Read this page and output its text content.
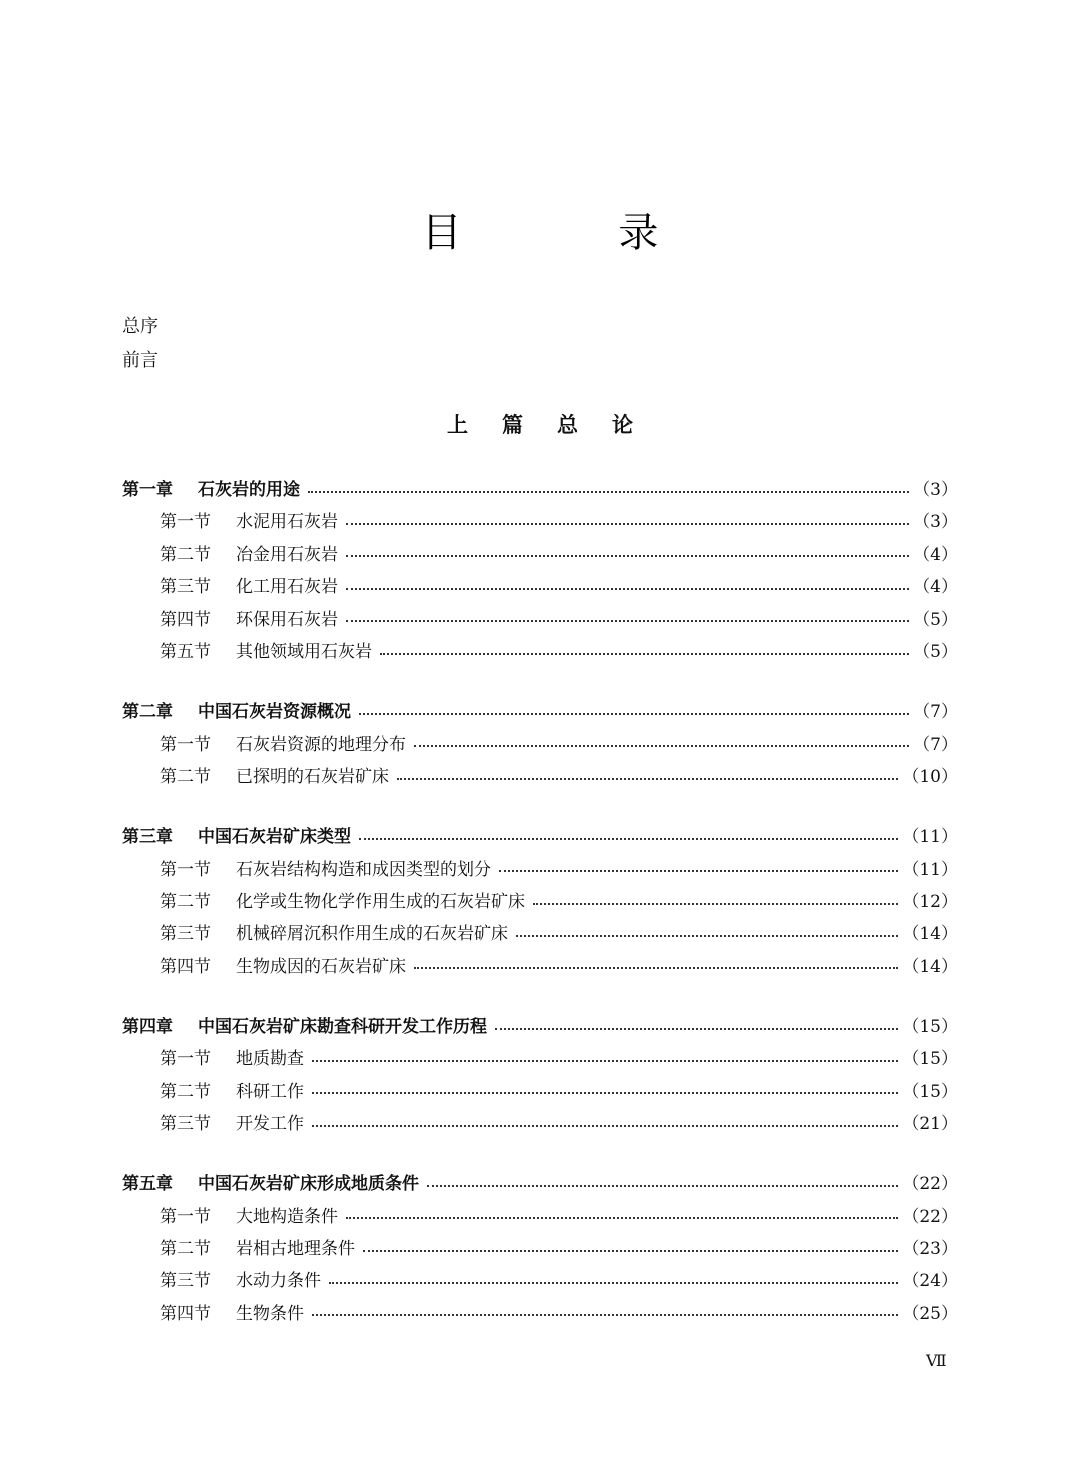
目 录
总序
前言
上篇总论
第一章	石灰岩的用途	（3）
第一节	水泥用石灰岩	（3）
第二节	冶金用石灰岩	（4）
第三节	化工用石灰岩	（4）
第四节	环保用石灰岩	（5）
第五节	其他领域用石灰岩	（5）
第二章	中国石灰岩资源概况	（7）
第一节	石灰岩资源的地理分布	（7）
第二节	已探明的石灰岩矿床	（10）
第三章	中国石灰岩矿床类型	（11）
第一节	石灰岩结构构造和成因类型的划分	（11）
第二节	化学或生物化学作用生成的石灰岩矿床	（12）
第三节	机械碎屑沉积作用生成的石灰岩矿床	（14）
第四节	生物成因的石灰岩矿床	（14）
第四章	中国石灰岩矿床勘查科研开发工作历程	（15）
第一节	地质勘查	（15）
第二节	科研工作	（15）
第三节	开发工作	（21）
第五章	中国石灰岩矿床形成地质条件	（22）
第一节	大地构造条件	（22）
第二节	岩相古地理条件	（23）
第三节	水动力条件	（24）
第四节	生物条件	（25）
Ⅶ
